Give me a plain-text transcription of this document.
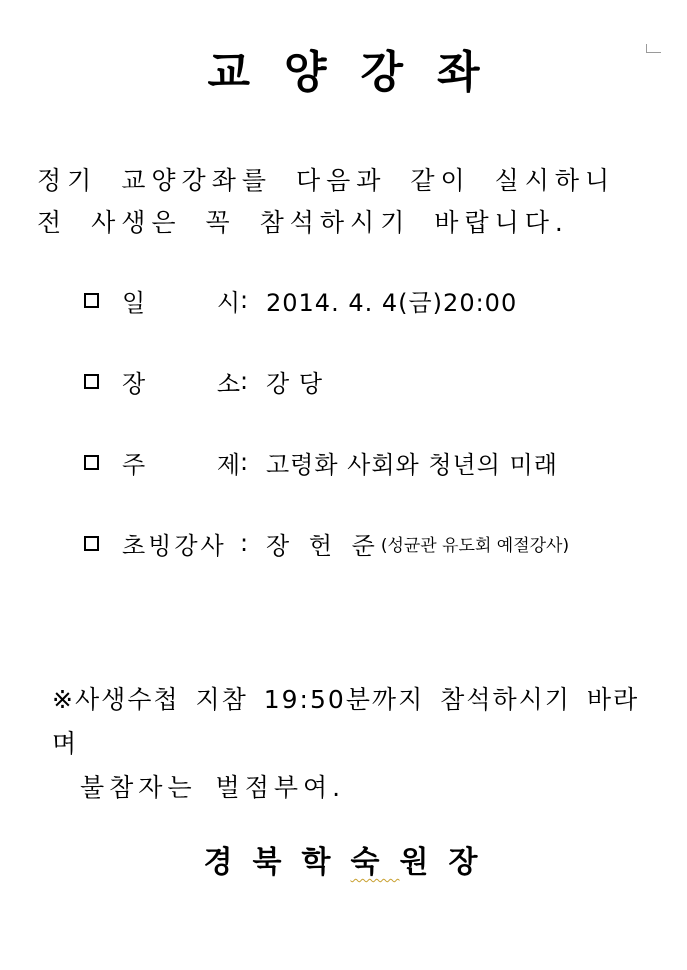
교양강좌

정기 교양강좌를 다음과 같이 실시하니
전 사생은 꼭 참석하시기 바랍니다.

일	시 : 2014. 4. 4(금)20:00
장	소 : 강 당
주	제 : 고령화 사회와 청년의 미래
초빙강사 : 장 헌 준 (성균관 유도회 예절강사)

※사생수첩 지참 19:50분까지 참석하시기 바라며
불참자는 벌점부여.

경북학숙원장
